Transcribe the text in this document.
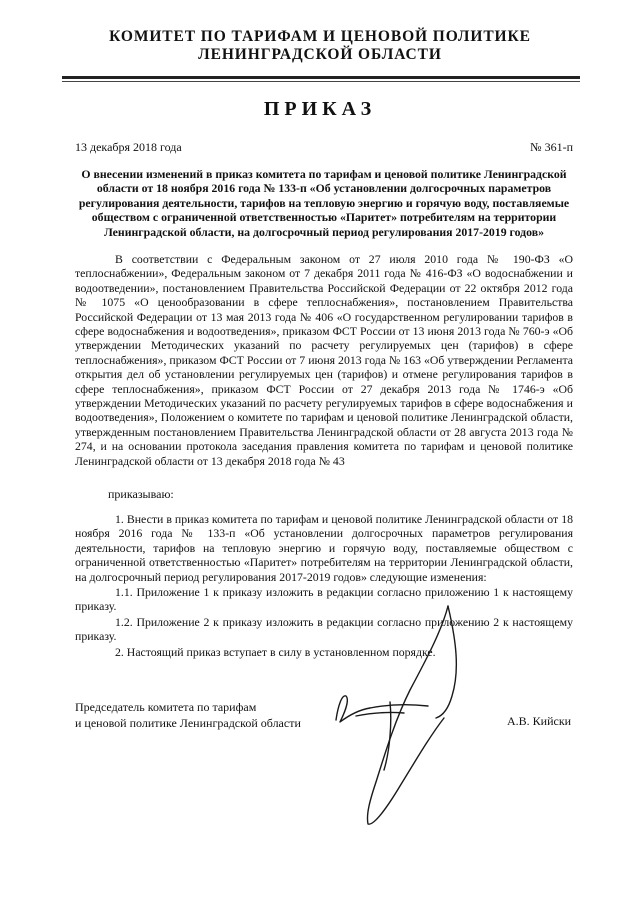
КОМИТЕТ ПО ТАРИФАМ И ЦЕНОВОЙ ПОЛИТИКЕ
ЛЕНИНГРАДСКОЙ ОБЛАСТИ
ПРИКАЗ
13 декабря 2018 года	№ 361-п
О внесении изменений в приказ комитета по тарифам и ценовой политике Ленинградской области от 18 ноября 2016 года № 133-п «Об установлении долгосрочных параметров регулирования деятельности, тарифов на тепловую энергию и горячую воду, поставляемые обществом с ограниченной ответственностью «Паритет» потребителям на территории Ленинградской области, на долгосрочный период регулирования 2017-2019 годов»
В соответствии с Федеральным законом от 27 июля 2010 года № 190-ФЗ «О теплоснабжении», Федеральным законом от 7 декабря 2011 года № 416-ФЗ «О водоснабжении и водоотведении», постановлением Правительства Российской Федерации от 22 октября 2012 года № 1075 «О ценообразовании в сфере теплоснабжения», постановлением Правительства Российской Федерации от 13 мая 2013 года № 406 «О государственном регулировании тарифов в сфере водоснабжения и водоотведения», приказом ФСТ России от 13 июня 2013 года № 760-э «Об утверждении Методических указаний по расчету регулируемых цен (тарифов) в сфере теплоснабжения», приказом ФСТ России от 7 июня 2013 года № 163 «Об утверждении Регламента открытия дел об установлении регулируемых цен (тарифов) и отмене регулирования тарифов в сфере теплоснабжения», приказом ФСТ России от 27 декабря 2013 года № 1746-э «Об утверждении Методических указаний по расчету регулируемых тарифов в сфере водоснабжения и водоотведения», Положением о комитете по тарифам и ценовой политике Ленинградской области, утвержденным постановлением Правительства Ленинградской области от 28 августа 2013 года № 274, и на основании протокола заседания правления комитета по тарифам и ценовой политике Ленинградской области от 13 декабря 2018 года № 43
приказываю:
1. Внести в приказ комитета по тарифам и ценовой политике Ленинградской области от 18 ноября 2016 года № 133-п «Об установлении долгосрочных параметров регулирования деятельности, тарифов на тепловую энергию и горячую воду, поставляемые обществом с ограниченной ответственностью «Паритет» потребителям на территории Ленинградской области, на долгосрочный период регулирования 2017-2019 годов» следующие изменения:
1.1. Приложение 1 к приказу изложить в редакции согласно приложению 1 к настоящему приказу.
1.2. Приложение 2 к приказу изложить в редакции согласно приложению 2 к настоящему приказу.
2. Настоящий приказ вступает в силу в установленном порядке.
Председатель комитета по тарифам
и ценовой политике Ленинградской области	А.В. Кийски
